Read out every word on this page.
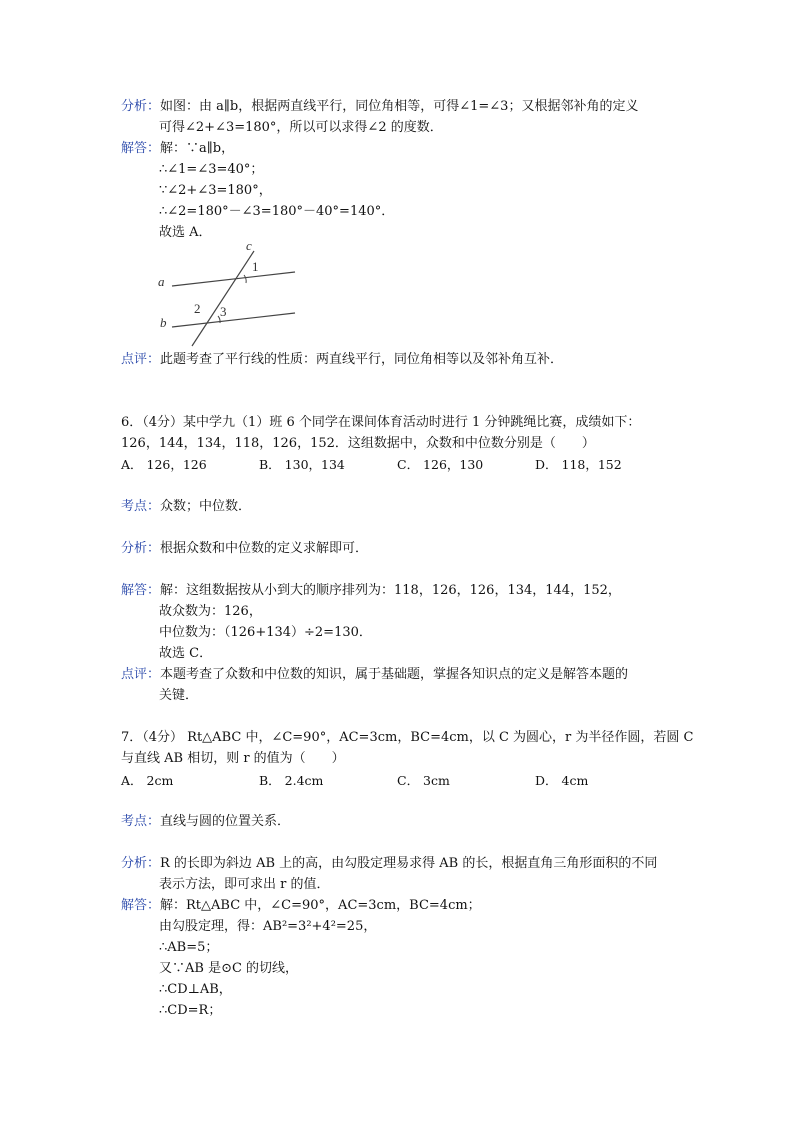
分析：如图：由 a∥b，根据两直线平行，同位角相等，可得∠1=∠3；又根据邻补角的定义
可得∠2+∠3=180°，所以可以求得∠2 的度数．
解答：解：∵a∥b，
∴∠1=∠3=40°；
∵∠2+∠3=180°，
∴∠2=180°－∠3=180°－40°=140°．
故选 A．
a
b
c
1
2 3
点评：此题考查了平行线的性质：两直线平行，同位角相等以及邻补角互补．
6．（4分）某中学九（1）班 6 个同学在课间体育活动时进行 1 分钟跳绳比赛，成绩如下：
126，144，134，118，126，152．这组数据中，众数和中位数分别是（　　）
A． 126，126	B． 130，134	C． 126，130	D． 118，152
考点：众数；中位数．
分析：根据众数和中位数的定义求解即可．
解答：解：这组数据按从小到大的顺序排列为：118，126，126，134，144，152，
故众数为：126，
中位数为：（126+134）÷2=130．
故选 C．
点评：本题考查了众数和中位数的知识，属于基础题，掌握各知识点的定义是解答本题的
关键．
7．（4分） Rt△ABC 中，∠C=90°，AC=3cm，BC=4cm，以 C 为圆心，r 为半径作圆，若圆 C
与直线 AB 相切，则 r 的值为（　　）
A． 2cm	B． 2.4cm	C． 3cm	D． 4cm
考点：直线与圆的位置关系．
分析：R 的长即为斜边 AB 上的高，由勾股定理易求得 AB 的长，根据直角三角形面积的不同
表示方法，即可求出 r 的值．
解答：解：Rt△ABC 中，∠C=90°，AC=3cm，BC=4cm；
由勾股定理，得：AB²=3²+4²=25，
∴AB=5；
又∵AB 是⊙C 的切线，
∴CD⊥AB，
∴CD=R；
